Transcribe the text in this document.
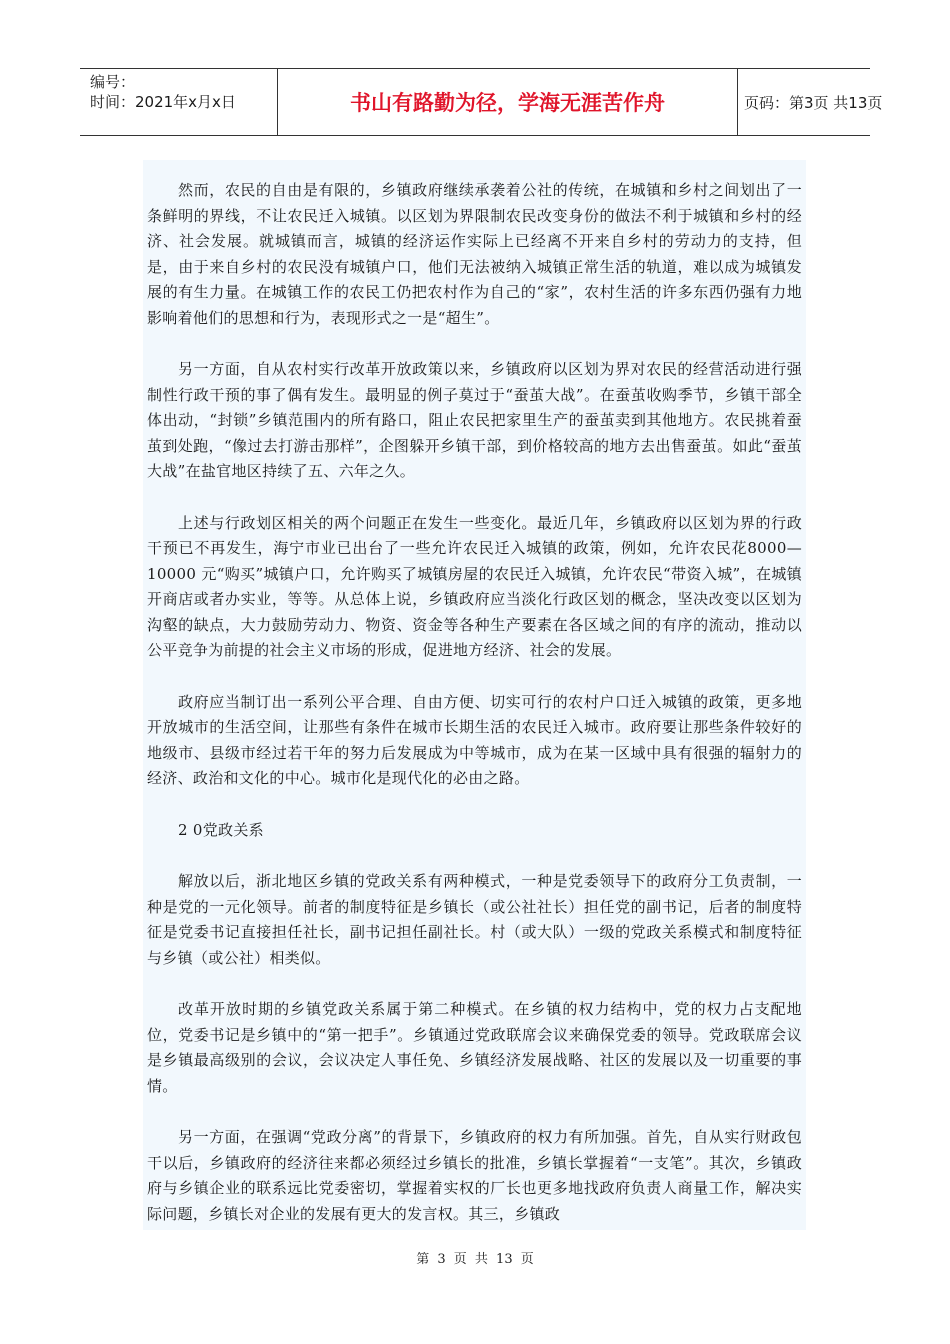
编号：
时间：2021年x月x日	书山有路勤为径，学海无涯苦作舟	页码：第3页 共13页

然而，农民的自由是有限的，乡镇政府继续承袭着公社的传统，在城镇和乡村之间划出了一条鲜明的界线，不让农民迁入城镇。以区划为界限制农民改变身份的做法不利于城镇和乡村的经济、社会发展。就城镇而言，城镇的经济运作实际上已经离不开来自乡村的劳动力的支持，但是，由于来自乡村的农民没有城镇户口，他们无法被纳入城镇正常生活的轨道，难以成为城镇发展的有生力量。在城镇工作的农民工仍把农村作为自己的“家”，农村生活的许多东西仍强有力地影响着他们的思想和行为，表现形式之一是“超生”。

另一方面，自从农村实行改革开放政策以来，乡镇政府以区划为界对农民的经营活动进行强制性行政干预的事了偶有发生。最明显的例子莫过于“蚕茧大战”。在蚕茧收购季节，乡镇干部全体出动，“封锁”乡镇范围内的所有路口，阻止农民把家里生产的蚕茧卖到其他地方。农民挑着蚕茧到处跑，“像过去打游击那样”，企图躲开乡镇干部，到价格较高的地方去出售蚕茧。如此“蚕茧大战”在盐官地区持续了五、六年之久。

上述与行政划区相关的两个问题正在发生一些变化。最近几年，乡镇政府以区划为界的行政干预已不再发生，海宁市业已出台了一些允许农民迁入城镇的政策，例如，允许农民花8000—10000 元“购买”城镇户口，允许购买了城镇房屋的农民迁入城镇，允许农民“带资入城”，在城镇开商店或者办实业，等等。从总体上说，乡镇政府应当淡化行政区划的概念，坚决改变以区划为沟壑的缺点，大力鼓励劳动力、物资、资金等各种生产要素在各区域之间的有序的流动，推动以公平竞争为前提的社会主义市场的形成，促进地方经济、社会的发展。

政府应当制订出一系列公平合理、自由方便、切实可行的农村户口迁入城镇的政策，更多地开放城市的生活空间，让那些有条件在城市长期生活的农民迁入城市。政府要让那些条件较好的地级市、县级市经过若干年的努力后发展成为中等城市，成为在某一区域中具有很强的辐射力的经济、政治和文化的中心。城市化是现代化的必由之路。

2 0党政关系

解放以后，浙北地区乡镇的党政关系有两种模式，一种是党委领导下的政府分工负责制，一种是党的一元化领导。前者的制度特征是乡镇长（或公社社长）担任党的副书记，后者的制度特征是党委书记直接担任社长，副书记担任副社长。村（或大队）一级的党政关系模式和制度特征与乡镇（或公社）相类似。

改革开放时期的乡镇党政关系属于第二种模式。在乡镇的权力结构中，党的权力占支配地位，党委书记是乡镇中的“第一把手”。乡镇通过党政联席会议来确保党委的领导。党政联席会议是乡镇最高级别的会议，会议决定人事任免、乡镇经济发展战略、社区的发展以及一切重要的事情。

另一方面，在强调“党政分离”的背景下，乡镇政府的权力有所加强。首先，自从实行财政包干以后，乡镇政府的经济往来都必须经过乡镇长的批准，乡镇长掌握着“一支笔”。其次，乡镇政府与乡镇企业的联系远比党委密切，掌握着实权的厂长也更多地找政府负责人商量工作，解决实际问题，乡镇长对企业的发展有更大的发言权。其三，乡镇政

第 3 页 共 13 页
